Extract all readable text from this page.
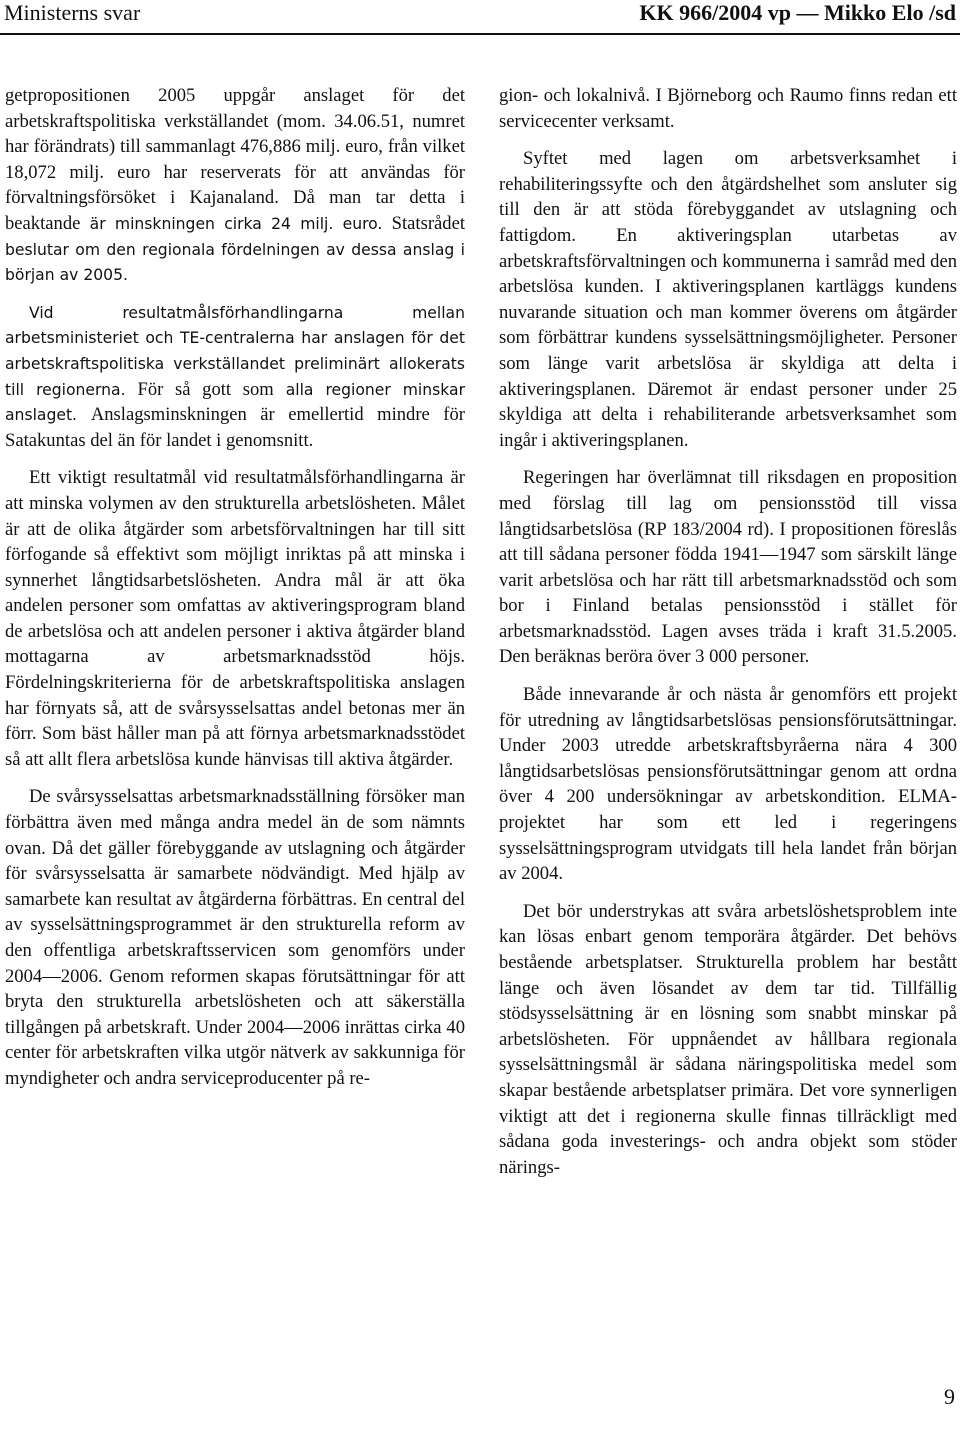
Ministerns svar	KK 966/2004 vp — Mikko Elo /sd

getpropositionen 2005 uppgår anslaget för det arbetskraftspolitiska verkställandet (mom. 34.06.51, numret har förändrats) till sammanlagt 476,886 milj. euro, från vilket 18,072 milj. euro har reserverats för att användas för förvaltningsförsöket i Kajanaland. Då man tar detta i beaktande är minskningen cirka 24 milj. euro. Statsrådet beslutar om den regionala fördelningen av dessa anslag i början av 2005.

Vid resultatmålsförhandlingarna mellan arbetsministeriet och TE-centralerna har anslagen för det arbetskraftspolitiska verkställandet preliminärt allokerats till regionerna. För så gott som alla regioner minskar anslaget. Anslagsminskningen är emellertid mindre för Satakuntas del än för landet i genomsnitt.

Ett viktigt resultatmål vid resultatmålsförhandlingarna är att minska volymen av den strukturella arbetslösheten. Målet är att de olika åtgärder som arbetsförvaltningen har till sitt förfogande så effektivt som möjligt inriktas på att minska i synnerhet långtidsarbetslösheten. Andra mål är att öka andelen personer som omfattas av aktiveringsprogram bland de arbetslösa och att andelen personer i aktiva åtgärder bland mottagarna av arbetsmarknadsstöd höjs. Fördelningskriterierna för de arbetskraftspolitiska anslagen har förnyats så, att de svårsysselsattas andel betonas mer än förr. Som bäst håller man på att förnya arbetsmarknadsstödet så att allt flera arbetslösa kunde hänvisas till aktiva åtgärder.

De svårsysselsattas arbetsmarknadsställning försöker man förbättra även med många andra medel än de som nämnts ovan. Då det gäller förebyggande av utslagning och åtgärder för svårsysselsatta är samarbete nödvändigt. Med hjälp av samarbete kan resultat av åtgärderna förbättras. En central del av sysselsättningsprogrammet är den strukturella reform av den offentliga arbetskraftsservicen som genomförs under 2004—2006. Genom reformen skapas förutsättningar för att bryta den strukturella arbetslösheten och att säkerställa tillgången på arbetskraft. Under 2004—2006 inrättas cirka 40 center för arbetskraften vilka utgör nätverk av sakkunniga för myndigheter och andra serviceproducenter på re-

gion- och lokalnivå. I Björneborg och Raumo finns redan ett servicecenter verksamt.

Syftet med lagen om arbetsverksamhet i rehabiliteringssyfte och den åtgärdshelhet som ansluter sig till den är att stöda förebyggandet av utslagning och fattigdom. En aktiveringsplan utarbetas av arbetskraftsförvaltningen och kommunerna i samråd med den arbetslösa kunden. I aktiveringsplanen kartläggs kundens nuvarande situation och man kommer överens om åtgärder som förbättrar kundens sysselsättningsmöjligheter. Personer som länge varit arbetslösa är skyldiga att delta i aktiveringsplanen. Däremot är endast personer under 25 skyldiga att delta i rehabiliterande arbetsverksamhet som ingår i aktiveringsplanen.

Regeringen har överlämnat till riksdagen en proposition med förslag till lag om pensionsstöd till vissa långtidsarbetslösa (RP 183/2004 rd). I propositionen föreslås att till sådana personer födda 1941—1947 som särskilt länge varit arbetslösa och har rätt till arbetsmarknadsstöd och som bor i Finland betalas pensionsstöd i stället för arbetsmarknadsstöd. Lagen avses träda i kraft 31.5.2005. Den beräknas beröra över 3 000 personer.

Både innevarande år och nästa år genomförs ett projekt för utredning av långtidsarbetslösas pensionsförutsättningar. Under 2003 utredde arbetskraftsbyråerna nära 4 300 långtidsarbetslösas pensionsförutsättningar genom att ordna över 4 200 undersökningar av arbetskondition. ELMA-projektet har som ett led i regeringens sysselsättningsprogram utvidgats till hela landet från början av 2004.

Det bör understrykas att svåra arbetslöshetsproblem inte kan lösas enbart genom temporära åtgärder. Det behövs bestående arbetsplatser. Strukturella problem har bestått länge och även lösandet av dem tar tid. Tillfällig stödsysselsättning är en lösning som snabbt minskar på arbetslösheten. För uppnåendet av hållbara regionala sysselsättningsmål är sådana näringspolitiska medel som skapar bestående arbetsplatser primära. Det vore synnerligen viktigt att det i regionerna skulle finnas tillräckligt med sådana goda investerings- och andra objekt som stöder närings-

9
